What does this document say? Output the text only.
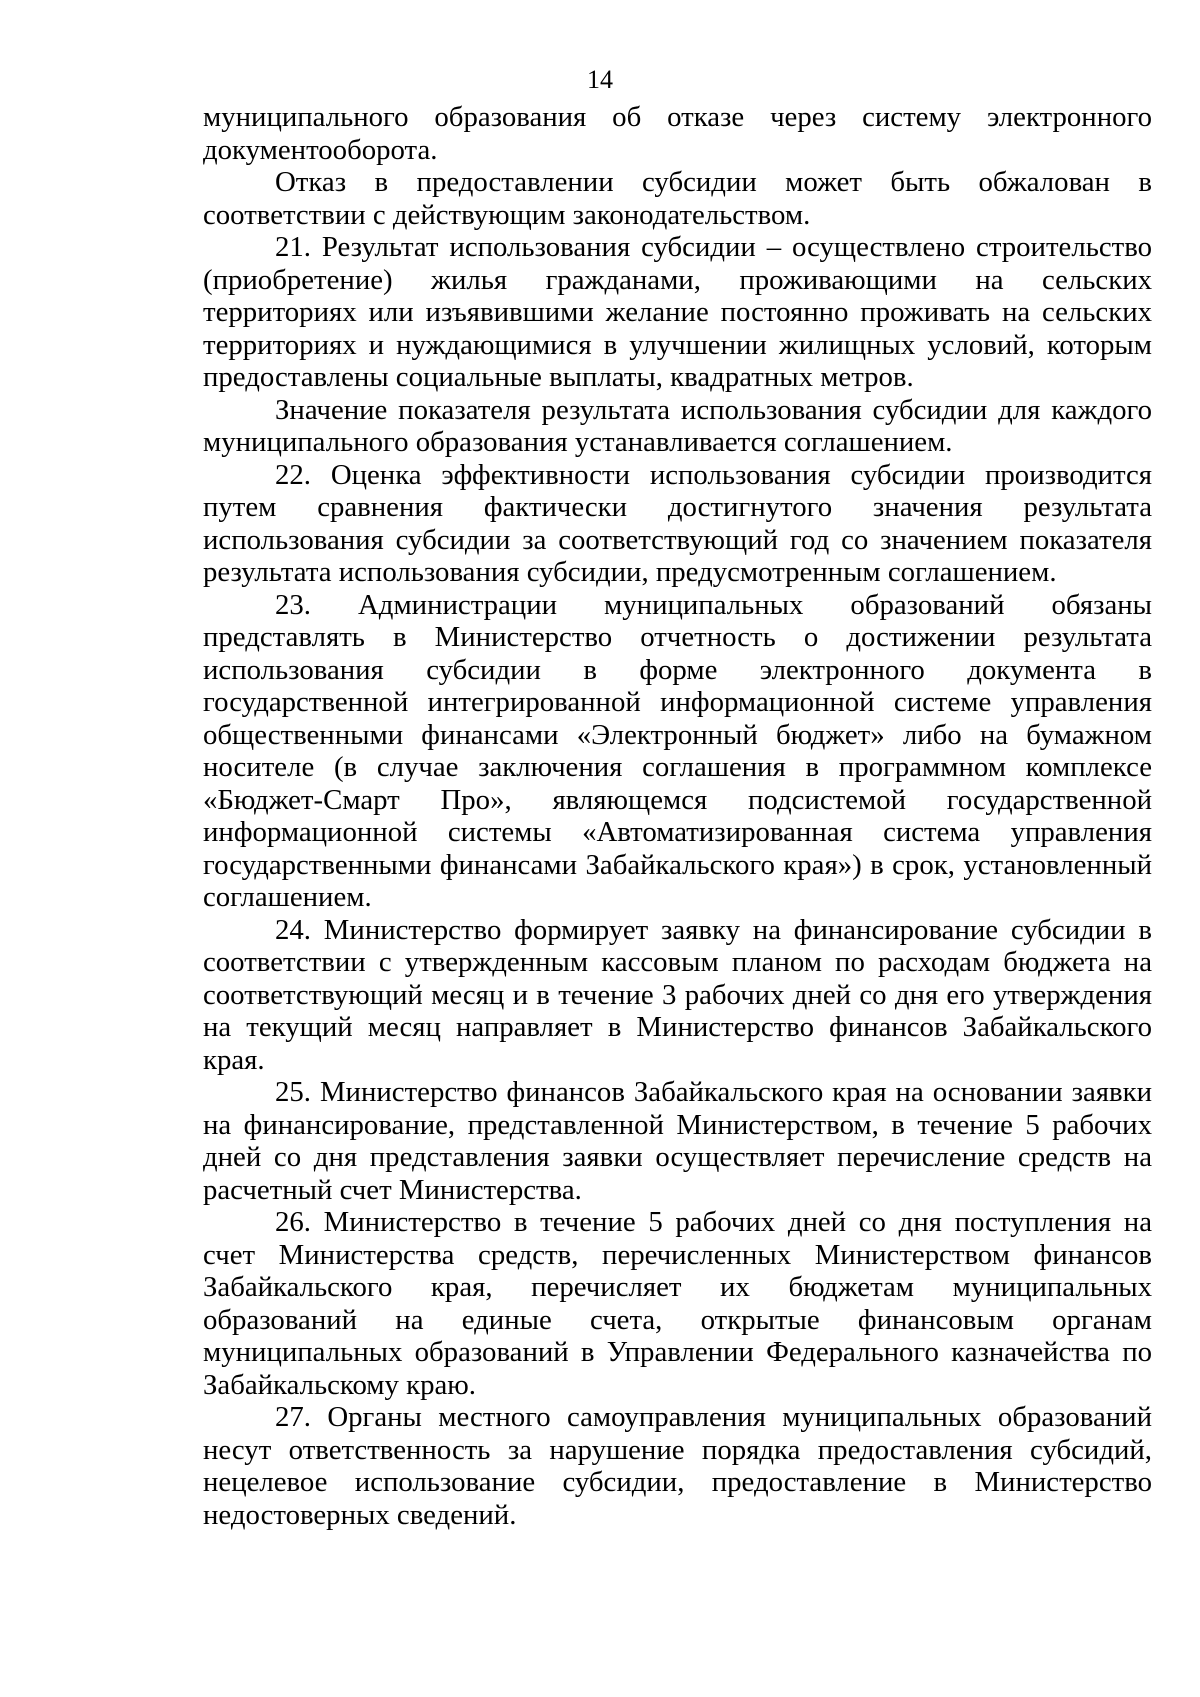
14

муниципального образования об отказе через систему электронного документооборота.

Отказ в предоставлении субсидии может быть обжалован в соответствии с действующим законодательством.

21. Результат использования субсидии – осуществлено строительство (приобретение) жилья гражданами, проживающими на сельских территориях или изъявившими желание постоянно проживать на сельских территориях и нуждающимися в улучшении жилищных условий, которым предоставлены социальные выплаты, квадратных метров.

Значение показателя результата использования субсидии для каждого муниципального образования устанавливается соглашением.

22. Оценка эффективности использования субсидии производится путем сравнения фактически достигнутого значения результата использования субсидии за соответствующий год со значением показателя результата использования субсидии, предусмотренным соглашением.

23. Администрации муниципальных образований обязаны представлять в Министерство отчетность о достижении результата использования субсидии в форме электронного документа в государственной интегрированной информационной системе управления общественными финансами «Электронный бюджет» либо на бумажном носителе (в случае заключения соглашения в программном комплексе «Бюджет-Смарт Про», являющемся подсистемой государственной информационной системы «Автоматизированная система управления государственными финансами Забайкальского края») в срок, установленный соглашением.

24. Министерство формирует заявку на финансирование субсидии в соответствии с утвержденным кассовым планом по расходам бюджета на соответствующий месяц и в течение 3 рабочих дней со дня его утверждения на текущий месяц направляет в Министерство финансов Забайкальского края.

25. Министерство финансов Забайкальского края на основании заявки на финансирование, представленной Министерством, в течение 5 рабочих дней со дня представления заявки осуществляет перечисление средств на расчетный счет Министерства.

26. Министерство в течение 5 рабочих дней со дня поступления на счет Министерства средств, перечисленных Министерством финансов Забайкальского края, перечисляет их бюджетам муниципальных образований на единые счета, открытые финансовым органам муниципальных образований в Управлении Федерального казначейства по Забайкальскому краю.

27. Органы местного самоуправления муниципальных образований несут ответственность за нарушение порядка предоставления субсидий, нецелевое использование субсидии, предоставление в Министерство недостоверных сведений.
